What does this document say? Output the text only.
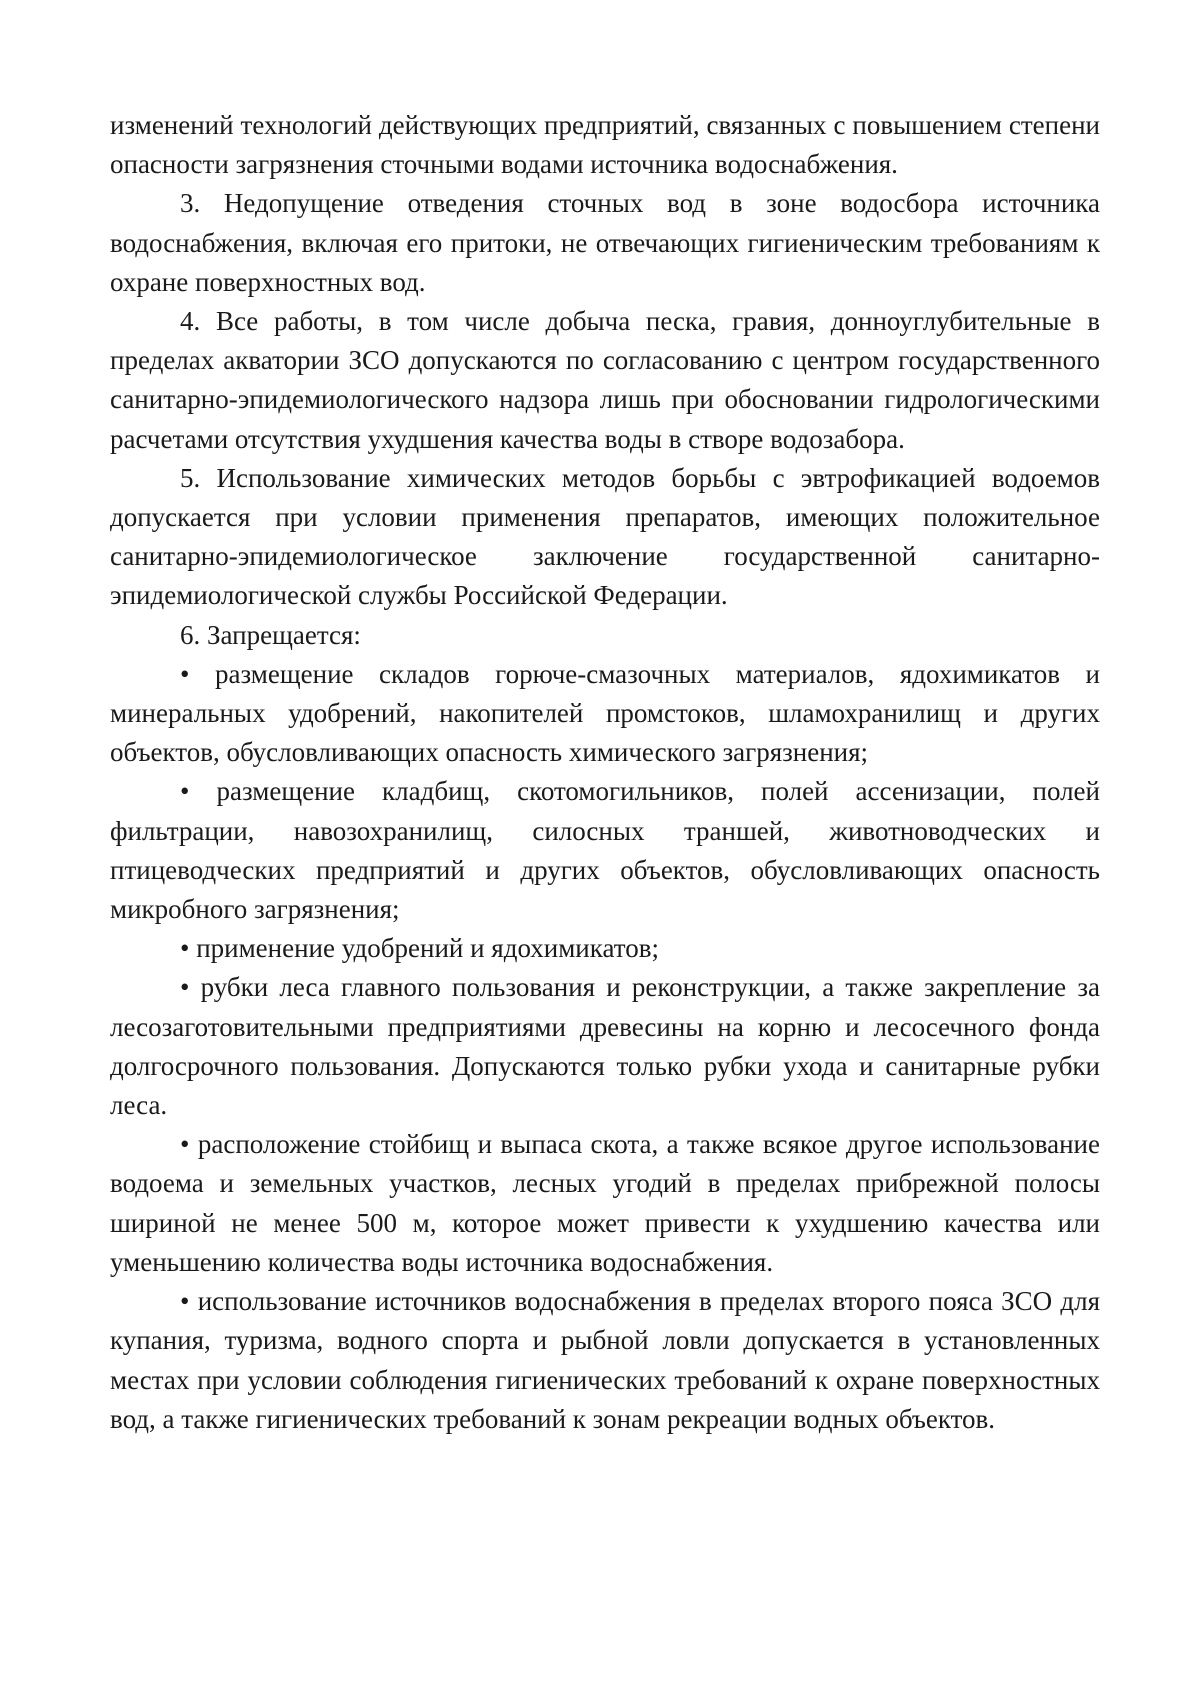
изменений технологий действующих предприятий, связанных с повышением степени опасности загрязнения сточными водами источника водоснабжения.

3. Недопущение отведения сточных вод в зоне водосбора источника водоснабжения, включая его притоки, не отвечающих гигиеническим требованиям к охране поверхностных вод.

4. Все работы, в том числе добыча песка, гравия, донноуглубительные в пределах акватории ЗСО допускаются по согласованию с центром государственного санитарно-эпидемиологического надзора лишь при обосновании гидрологическими расчетами отсутствия ухудшения качества воды в створе водозабора.

5. Использование химических методов борьбы с эвтрофикацией водоемов допускается при условии применения препаратов, имеющих положительное санитарно-эпидемиологическое заключение государственной санитарно-эпидемиологической службы Российской Федерации.

6. Запрещается:

• размещение складов горюче-смазочных материалов, ядохимикатов и минеральных удобрений, накопителей промстоков, шламохранилищ и других объектов, обусловливающих опасность химического загрязнения;

• размещение кладбищ, скотомогильников, полей ассенизации, полей фильтрации, навозохранилищ, силосных траншей, животноводческих и птицеводческих предприятий и других объектов, обусловливающих опасность микробного загрязнения;

• применение удобрений и ядохимикатов;

• рубки леса главного пользования и реконструкции, а также закрепление за лесозаготовительными предприятиями древесины на корню и лесосечного фонда долгосрочного пользования. Допускаются только рубки ухода и санитарные рубки леса.

• расположение стойбищ и выпаса скота, а также всякое другое использование водоема и земельных участков, лесных угодий в пределах прибрежной полосы шириной не менее 500 м, которое может привести к ухудшению качества или уменьшению количества воды источника водоснабжения.

• использование источников водоснабжения в пределах второго пояса ЗСО для купания, туризма, водного спорта и рыбной ловли допускается в установленных местах при условии соблюдения гигиенических требований к охране поверхностных вод, а также гигиенических требований к зонам рекреации водных объектов.
